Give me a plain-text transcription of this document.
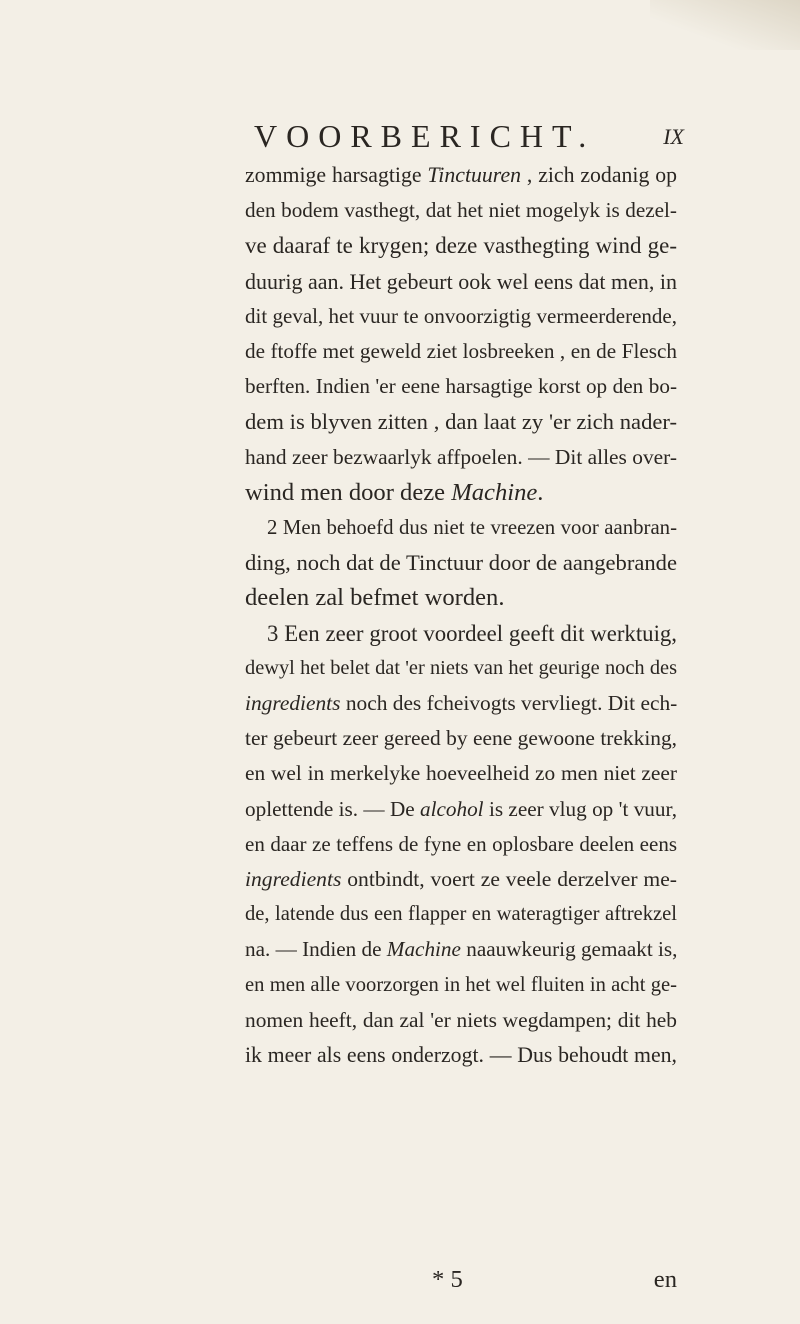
VOORBERICHT.	IX
zommige harsagtige Tinctuuren , zich zodanig op
den bodem vasthegt, dat het niet mogelyk is dezel-
ve daaraf te krygen; deze vasthegting wind ge-
duurig aan. Het gebeurt ook wel eens dat men, in
dit geval, het vuur te onvoorzigtig vermeerderende,
de ftoffe met geweld ziet losbreeken , en de Flesch
berften. Indien 'er eene harsagtige korst op den bo-
dem is blyven zitten , dan laat zy 'er zich nader-
hand zeer bezwaarlyk affpoelen. — Dit alles over-
wind men door deze Machine.
2 Men behoefd dus niet te vreezen voor aanbran-
ding, noch dat de Tinctuur door de aangebrande
deelen zal befmet worden.
3 Een zeer groot voordeel geeft dit werktuig,
dewyl het belet dat 'er niets van het geurige noch des
ingredients noch des fcheivogts vervliegt. Dit ech-
ter gebeurt zeer gereed by eene gewoone trekking,
en wel in merkelyke hoeveelheid zo men niet zeer
oplettende is. — De alcohol is zeer vlug op 't vuur,
en daar ze teffens de fyne en oplosbare deelen eens
ingredients ontbindt, voert ze veele derzelver me-
de, latende dus een flapper en wateragtiger aftrekzel
na. — Indien de Machine naauwkeurig gemaakt is,
en men alle voorzorgen in het wel fluiten in acht ge-
nomen heeft, dan zal 'er niets wegdampen; dit heb
ik meer als eens onderzogt. — Dus behoudt men,
* 5	en
